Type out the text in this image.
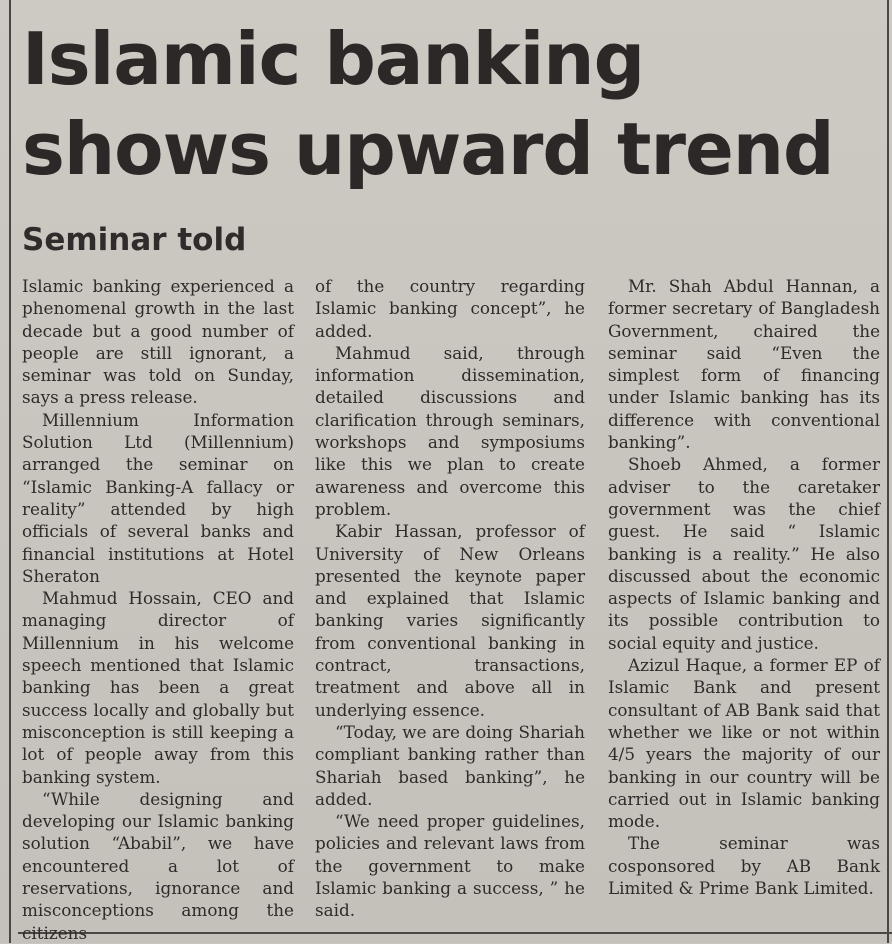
Islamic banking shows upward trend
Seminar told

Islamic banking experienced a phenomenal growth in the last decade but a good number of people are still ignorant, a seminar was told on Sunday, says a press release.

Millennium Information Solution Ltd (Millennium) arranged the seminar on “Islamic Banking-A fallacy or reality” attended by high officials of several banks and financial institutions at Hotel Sheraton

Mahmud Hossain, CEO and managing director of Millennium in his welcome speech mentioned that Islamic banking has been a great success locally and globally but misconception is still keeping a lot of people away from this banking system.

“While designing and developing our Islamic banking solution “Ababil”, we have encountered a lot of reservations, ignorance and misconceptions among the citizens

of the country regarding Islamic banking concept”, he added.

Mahmud said, through information dissemination, detailed discussions and clarification through seminars, workshops and symposiums like this we plan to create awareness and overcome this problem.

Kabir Hassan, professor of University of New Orleans presented the keynote paper and explained that Islamic banking varies significantly from conventional banking in contract, transactions, treatment and above all in underlying essence.

“Today, we are doing Shariah compliant banking rather than Shariah based banking”, he added.

“We need proper guidelines, policies and relevant laws from the government to make Islamic banking a success, ” he said.

Mr. Shah Abdul Hannan, a former secretary of Bangladesh Government, chaired the seminar said “Even the simplest form of financing under Islamic banking has its difference with conventional banking”.

Shoeb Ahmed, a former adviser to the caretaker government was the chief guest. He said “ Islamic banking is a reality.” He also discussed about the economic aspects of Islamic banking and its possible contribution to social equity and justice.

Azizul Haque, a former EP of Islamic Bank and present consultant of AB Bank said that whether we like or not within 4/5 years the majority of our banking in our country will be carried out in Islamic banking mode.

The seminar was cosponsored by AB Bank Limited & Prime Bank Limited.
